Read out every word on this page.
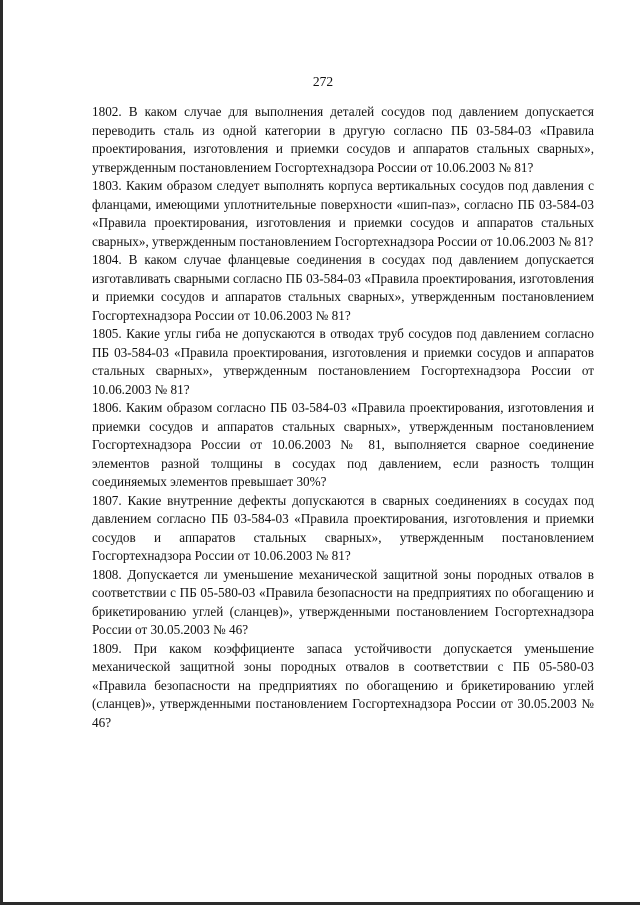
272

1802. В каком случае для выполнения деталей сосудов под давлением допускается переводить сталь из одной категории в другую согласно ПБ 03-584-03 «Правила проектирования, изготовления и приемки сосудов и аппаратов стальных сварных», утвержденным постановлением Госгортехнадзора России от 10.06.2003 № 81?

1803. Каким образом следует выполнять корпуса вертикальных сосудов под давления с фланцами, имеющими уплотнительные поверхности «шип-паз», согласно ПБ 03-584-03 «Правила проектирования, изготовления и приемки сосудов и аппаратов стальных сварных», утвержденным постановлением Госгортехнадзора России от 10.06.2003 № 81?

1804. В каком случае фланцевые соединения в сосудах под давлением допускается изготавливать сварными согласно ПБ 03-584-03 «Правила проектирования, изготовления и приемки сосудов и аппаратов стальных сварных», утвержденным постановлением Госгортехнадзора России от 10.06.2003 № 81?

1805. Какие углы гиба не допускаются в отводах труб сосудов под давлением согласно ПБ 03-584-03 «Правила проектирования, изготовления и приемки сосудов и аппаратов стальных сварных», утвержденным постановлением Госгортехнадзора России от 10.06.2003 № 81?

1806. Каким образом согласно ПБ 03-584-03 «Правила проектирования, изготовления и приемки сосудов и аппаратов стальных сварных», утвержденным постановлением Госгортехнадзора России от 10.06.2003 № 81, выполняется сварное соединение элементов разной толщины в сосудах под давлением, если разность толщин соединяемых элементов превышает 30%?

1807. Какие внутренние дефекты допускаются в сварных соединениях в сосудах под давлением согласно ПБ 03-584-03 «Правила проектирования, изготовления и приемки сосудов и аппаратов стальных сварных», утвержденным постановлением Госгортехнадзора России от 10.06.2003 № 81?

1808. Допускается ли уменьшение механической защитной зоны породных отвалов в соответствии с ПБ 05-580-03 «Правила безопасности на предприятиях по обогащению и брикетированию углей (сланцев)», утвержденными постановлением Госгортехнадзора России от 30.05.2003 № 46?

1809. При каком коэффициенте запаса устойчивости допускается уменьшение механической защитной зоны породных отвалов в соответствии с ПБ 05-580-03 «Правила безопасности на предприятиях по обогащению и брикетированию углей (сланцев)», утвержденными постановлением Госгортехнадзора России от 30.05.2003 № 46?
